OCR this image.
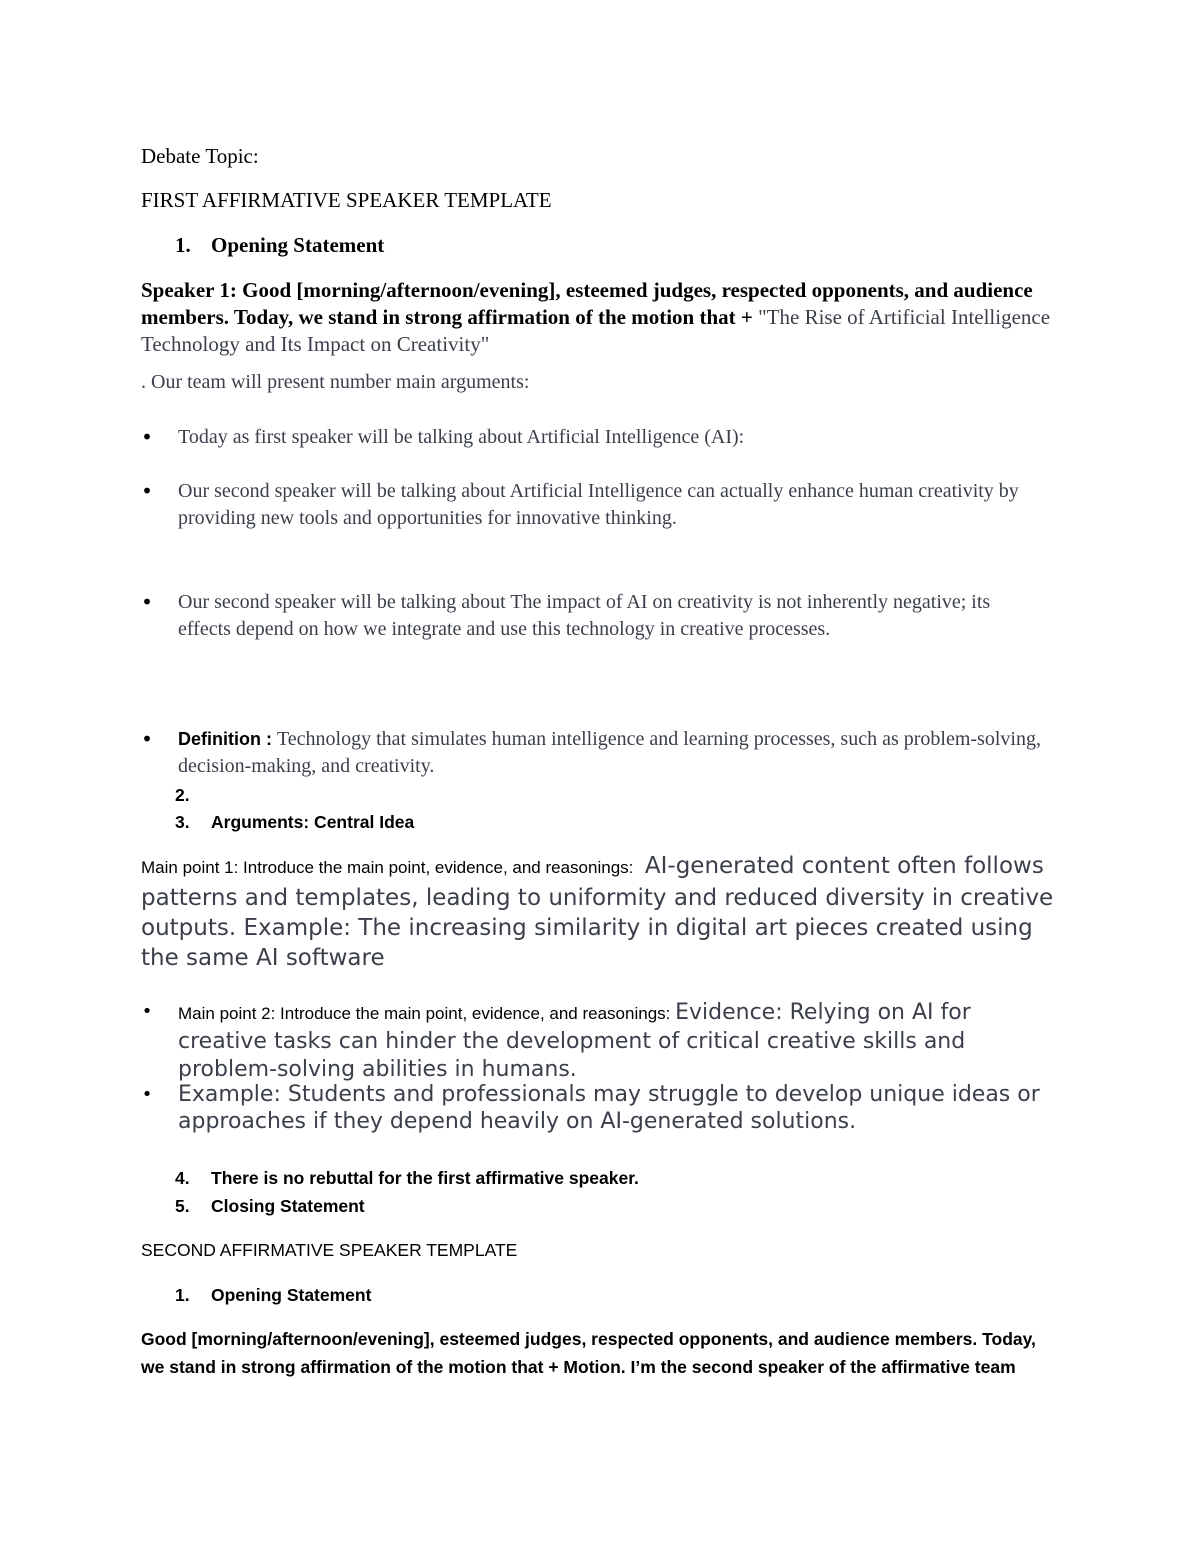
Debate Topic:
FIRST AFFIRMATIVE SPEAKER TEMPLATE
1. Opening Statement
Speaker 1: Good [morning/afternoon/evening], esteemed judges, respected opponents, and audience members. Today, we stand in strong affirmation of the motion that + "The Rise of Artificial Intelligence Technology and Its Impact on Creativity"
. Our team will present number main arguments:
• Today as first speaker will be talking about Artificial Intelligence (AI):
• Our second speaker will be talking about Artificial Intelligence can actually enhance human creativity by providing new tools and opportunities for innovative thinking.
• Our second speaker will be talking about The impact of AI on creativity is not inherently negative; its effects depend on how we integrate and use this technology in creative processes.
• Definition : Technology that simulates human intelligence and learning processes, such as problem-solving, decision-making, and creativity.
2.
3. Arguments: Central Idea
Main point 1: Introduce the main point, evidence, and reasonings: AI-generated content often follows patterns and templates, leading to uniformity and reduced diversity in creative outputs. Example: The increasing similarity in digital art pieces created using the same AI software
• Main point 2: Introduce the main point, evidence, and reasonings: Evidence: Relying on AI for creative tasks can hinder the development of critical creative skills and problem-solving abilities in humans.
• Example: Students and professionals may struggle to develop unique ideas or approaches if they depend heavily on AI-generated solutions.
4. There is no rebuttal for the first affirmative speaker.
5. Closing Statement
SECOND AFFIRMATIVE SPEAKER TEMPLATE
1. Opening Statement
Good [morning/afternoon/evening], esteemed judges, respected opponents, and audience members. Today, we stand in strong affirmation of the motion that + Motion. I’m the second speaker of the affirmative team
